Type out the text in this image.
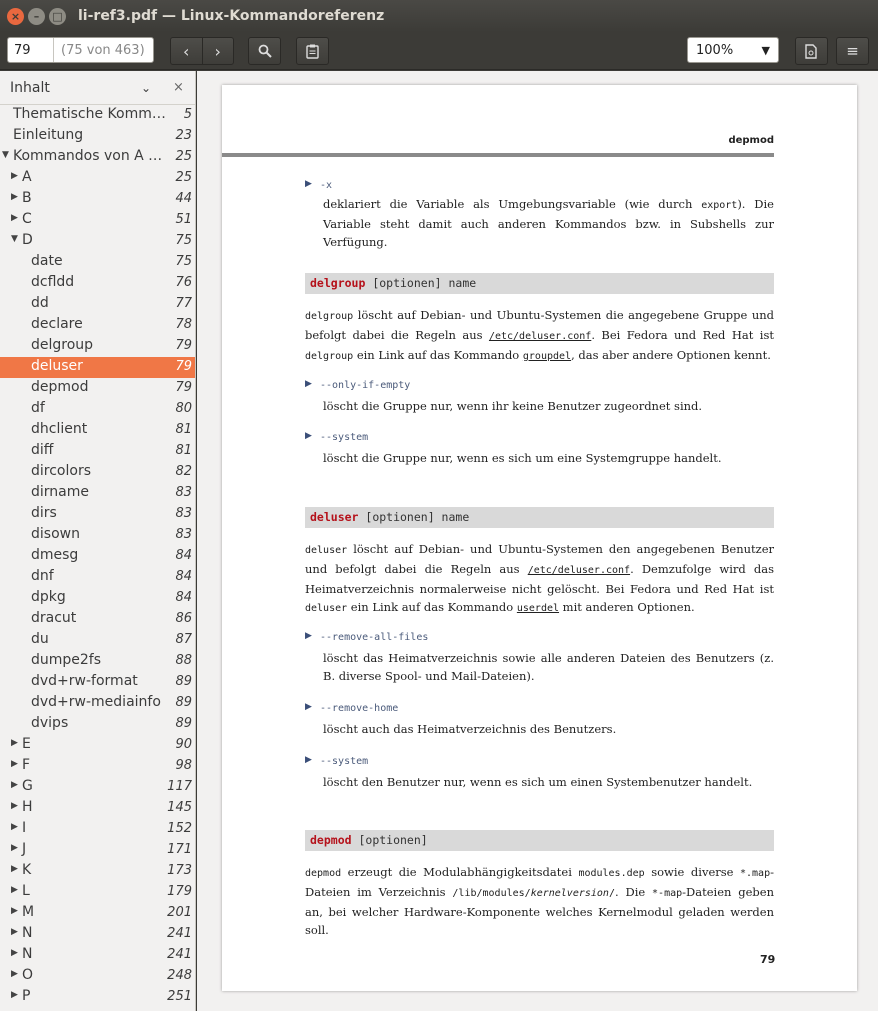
×	–	□ li-ref3.pdf — Linux-Kommandoreferenz
79	(75 von 463) ‹ ›	100%	▼	≡
Inhalt	⌄ ×
Thematische Komm… 5
Einleitung	23
▼ Kommandos von A … 25
▶ A	25
▶ B	44
▶ C	51
▼ D	75
date	75
dcfldd	76
dd	77
declare	78
delgroup	79
deluser	79
depmod	79
df	80
dhclient	81
diff	81
dircolors	82
dirname	83
dirs	83
disown	83
dmesg	84
dnf	84
dpkg	84
dracut	86
du	87
dumpe2fs	88
dvd+rw-format	89
dvd+rw-mediainfo 89
dvips	89
▶ E	90
▶ F	98
▶ G	117
▶ H	145
▶ I	152
▶ J	171
▶ K	173
▶ L	179
▶ M	201
▶ N	241
▶ N	241
▶ O	248
▶ P	251
depmod
▶ -x
deklariert die Variable als Umgebungsvariable (wie durch export). Die Variable steht damit auch anderen Kommandos bzw. in Subshells zur Verfügung.
delgroup [optionen] name
delgroup löscht auf Debian- und Ubuntu-Systemen die angegebene Gruppe und befolgt dabei die Regeln aus /etc/deluser.conf. Bei Fedora und Red Hat ist delgroup ein Link auf das Kommando groupdel, das aber andere Optionen kennt.
▶ --only-if-empty
löscht die Gruppe nur, wenn ihr keine Benutzer zugeordnet sind.
▶ --system
löscht die Gruppe nur, wenn es sich um eine Systemgruppe handelt.
deluser [optionen] name
deluser löscht auf Debian- und Ubuntu-Systemen den angegebenen Benutzer und befolgt dabei die Regeln aus /etc/deluser.conf. Demzufolge wird das Heimatverzeichnis normalerweise nicht gelöscht. Bei Fedora und Red Hat ist deluser ein Link auf das Kommando userdel mit anderen Optionen.
▶ --remove-all-files
löscht das Heimatverzeichnis sowie alle anderen Dateien des Benutzers (z. B. diverse Spool- und Mail-Dateien).
▶ --remove-home
löscht auch das Heimatverzeichnis des Benutzers.
▶ --system
löscht den Benutzer nur, wenn es sich um einen Systembenutzer handelt.
depmod [optionen]
depmod erzeugt die Modulabhängigkeitsdatei modules.dep sowie diverse *.map-Dateien im Verzeichnis /lib/modules/kernelversion/. Die *-map-Dateien geben an, bei welcher Hardware-Komponente welches Kernelmodul geladen werden soll.
79
